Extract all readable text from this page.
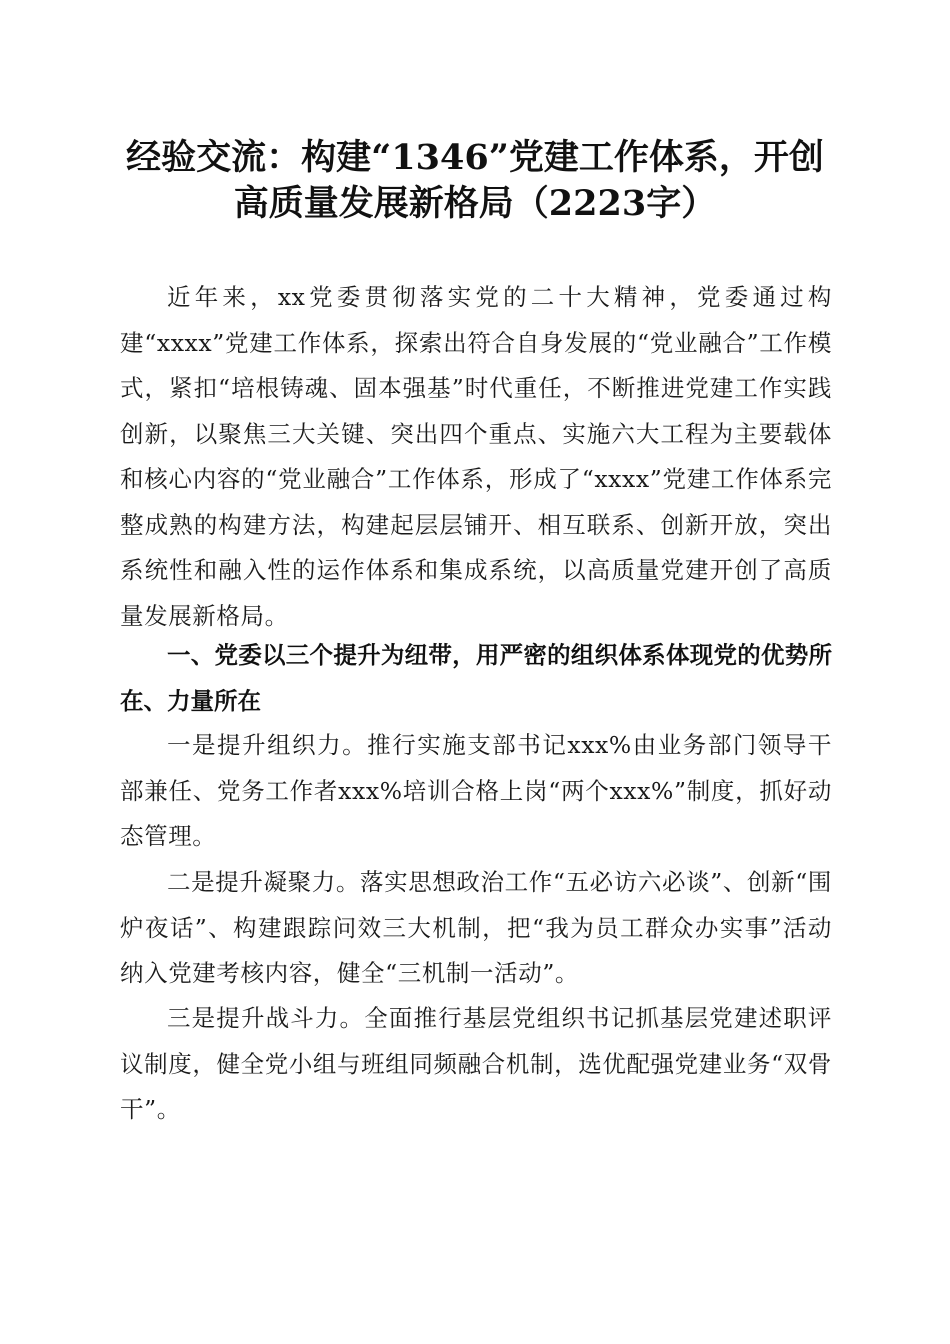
经验交流：构建“1346”党建工作体系，开创
高质量发展新格局（2223字）
近年来，xx党委贯彻落实党的二十大精神，党委通过构建“xxxx”党建工作体系，探索出符合自身发展的“党业融合”工作模式，紧扣“培根铸魂、固本强基”时代重任，不断推进党建工作实践创新，以聚焦三大关键、突出四个重点、实施六大工程为主要载体和核心内容的“党业融合”工作体系，形成了“xxxx”党建工作体系完整成熟的构建方法，构建起层层铺开、相互联系、创新开放，突出系统性和融入性的运作体系和集成系统，以高质量党建开创了高质量发展新格局。
一、党委以三个提升为纽带，用严密的组织体系体现党的优势所在、力量所在
一是提升组织力。推行实施支部书记xxx%由业务部门领导干部兼任、党务工作者xxx%培训合格上岗“两个xxx%”制度，抓好动态管理。
二是提升凝聚力。落实思想政治工作“五必访六必谈”、创新“围炉夜话”、构建跟踪问效三大机制，把“我为员工群众办实事”活动纳入党建考核内容，健全“三机制一活动”。
三是提升战斗力。全面推行基层党组织书记抓基层党建述职评议制度，健全党小组与班组同频融合机制，选优配强党建业务“双骨干”。
